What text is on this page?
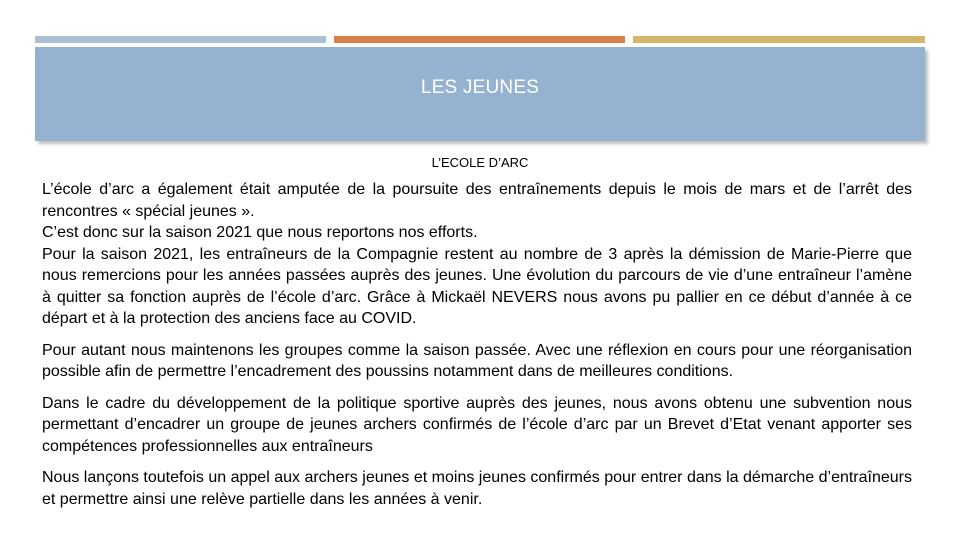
LES JEUNES
L’ECOLE D’ARC

L’école d’arc a également était amputée de la poursuite des entraînements depuis le mois de mars et de l’arrêt des rencontres « spécial jeunes ».

C’est donc sur la saison 2021 que nous reportons nos efforts.

Pour la saison 2021, les entraîneurs de la Compagnie restent au nombre de 3 après la démission de Marie-Pierre que nous remercions pour les années passées auprès des jeunes. Une évolution du parcours de vie d’une entraîneur l’amène à quitter sa fonction auprès de l’école d’arc. Grâce à Mickaël NEVERS nous avons pu pallier en ce début d’année à ce départ et à la protection des anciens face au COVID.

Pour autant nous maintenons les groupes comme la saison passée. Avec une réflexion en cours pour une réorganisation possible afin de permettre l’encadrement des poussins notamment dans de meilleures conditions.

Dans le cadre du développement de la politique sportive auprès des jeunes, nous avons obtenu une subvention nous permettant d’encadrer un groupe de jeunes archers confirmés de l’école d’arc par un Brevet d’Etat venant apporter ses compétences professionnelles aux entraîneurs

Nous lançons toutefois un appel aux archers jeunes et moins jeunes confirmés pour entrer dans la démarche d’entraîneurs et permettre ainsi une relève partielle dans les années à venir.
